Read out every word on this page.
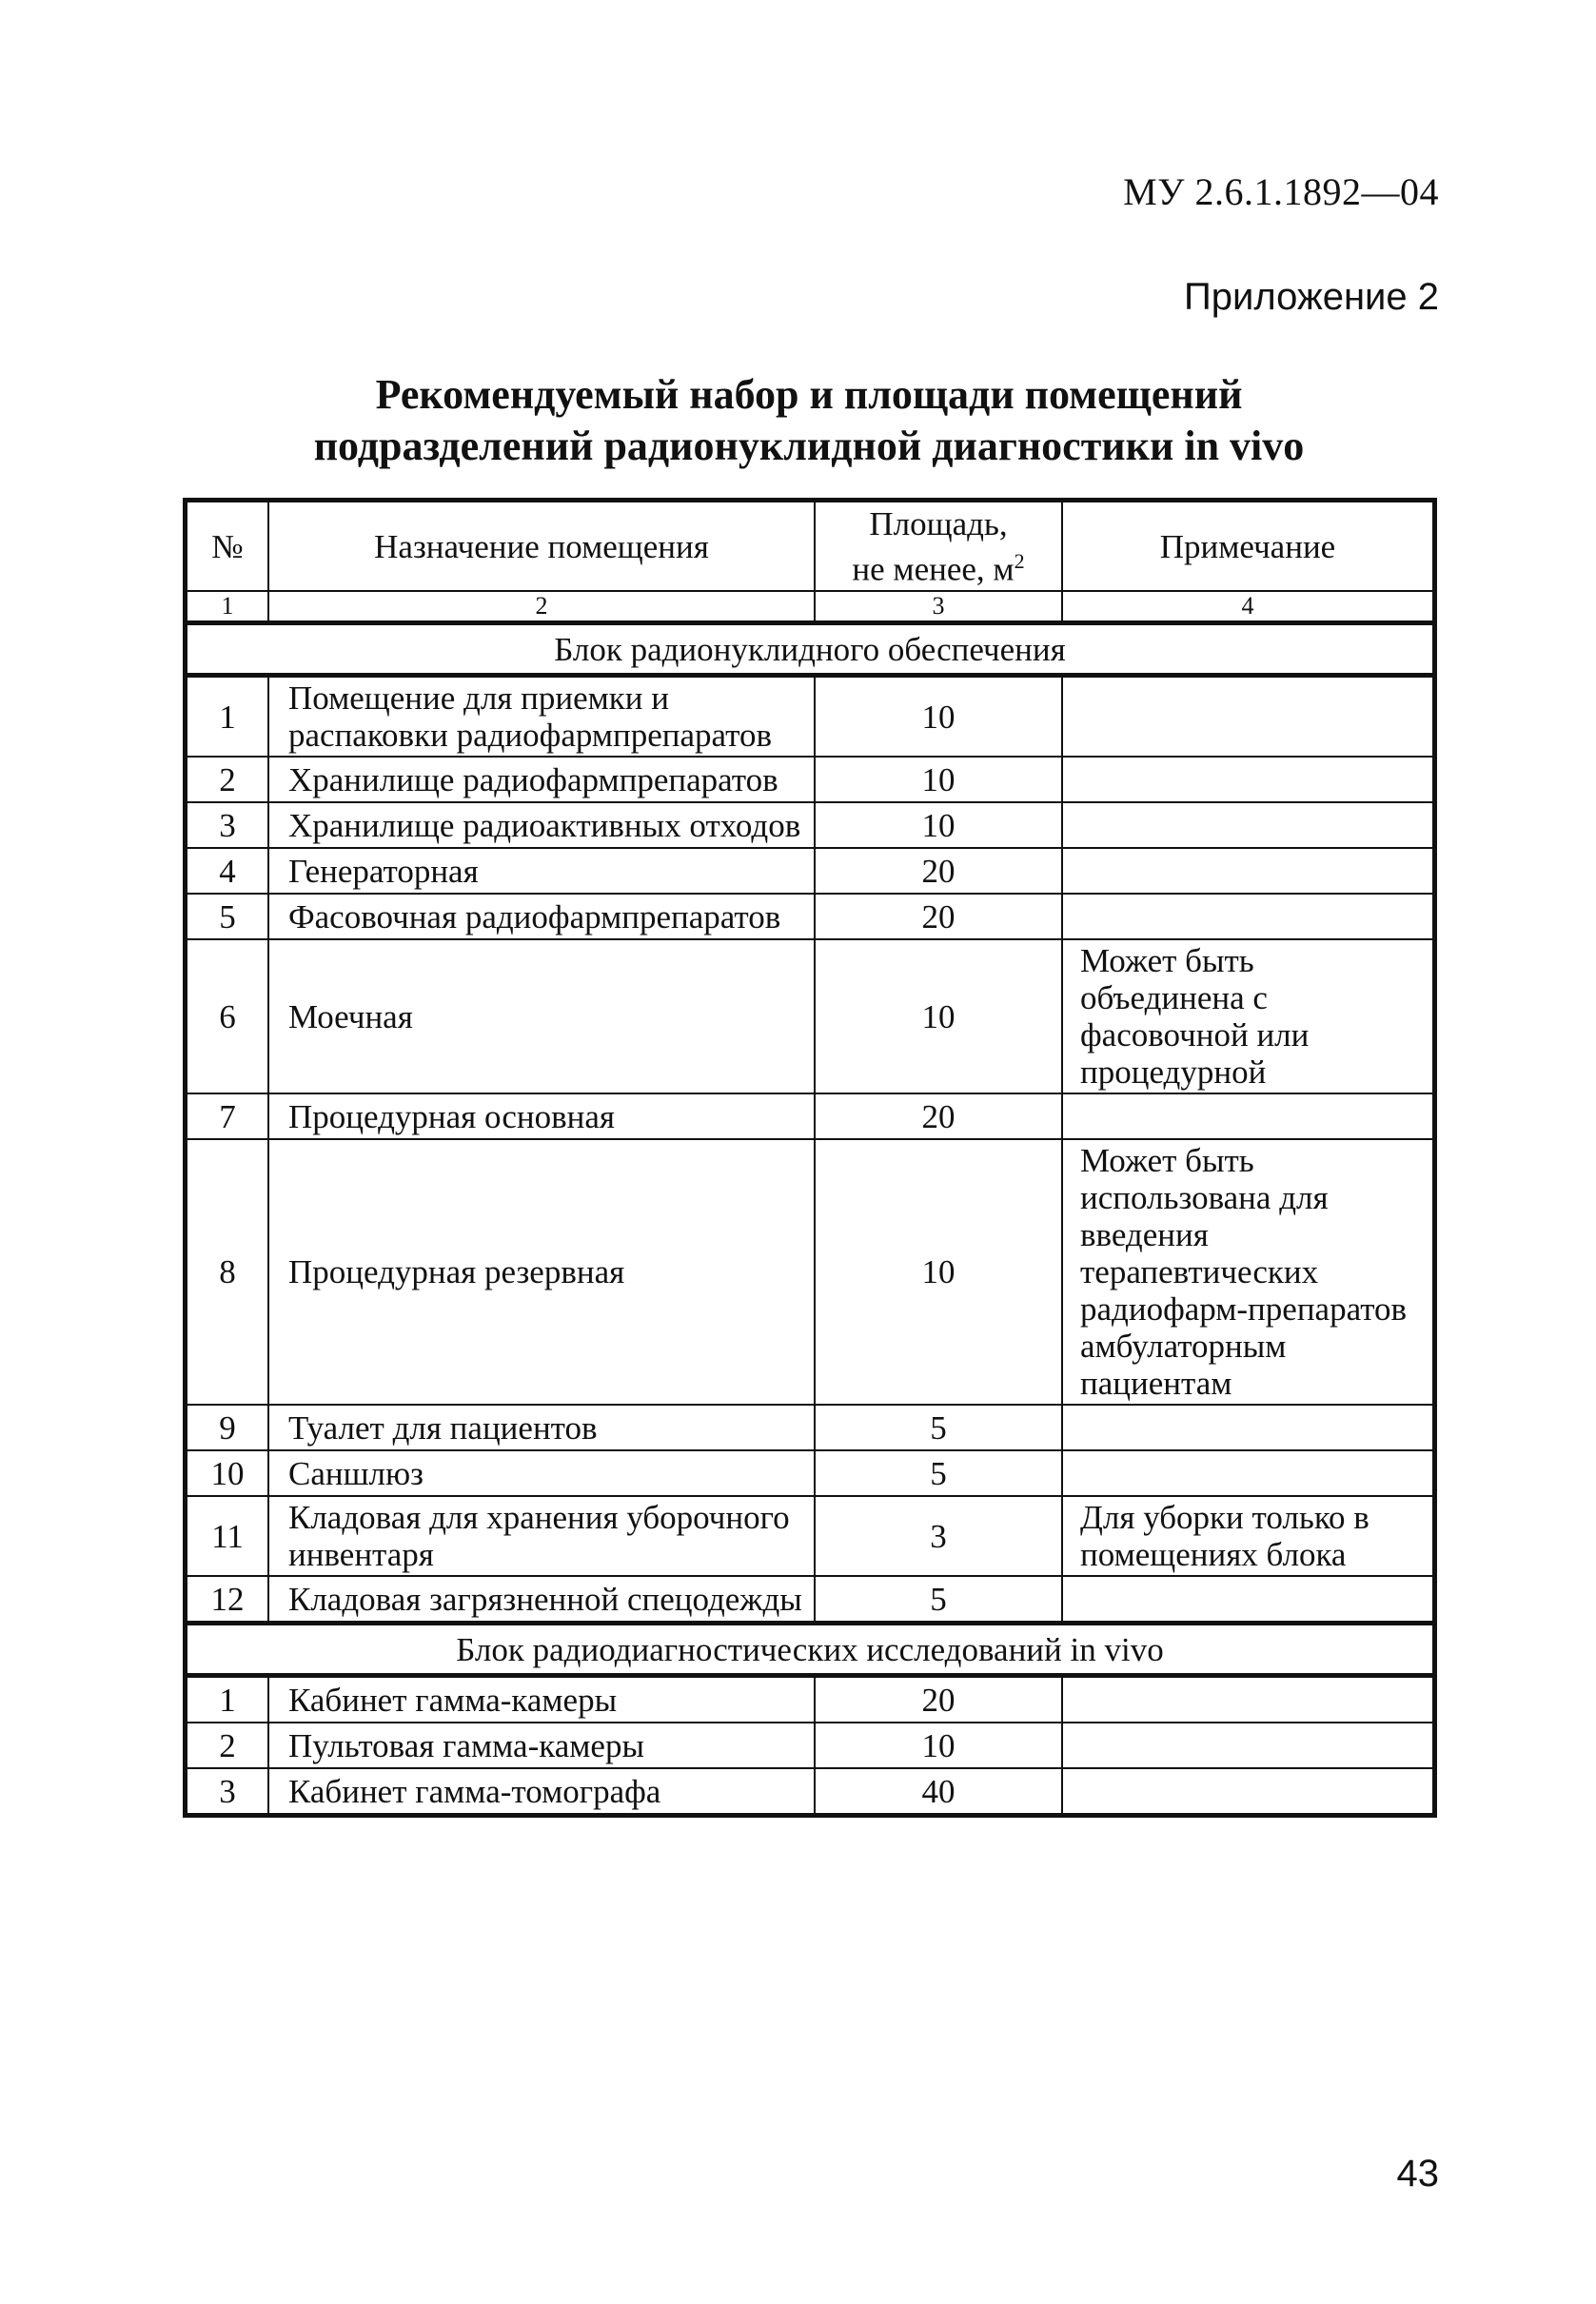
МУ 2.6.1.1892—04
Приложение 2
Рекомендуемый набор и площади помещений
подразделений радионуклидной диагностики in vivo
№	Назначение помещения	Площадь,
не менее, $м^2$	Примечание
1	2	3	4
Блок радионуклидного обеспечения			
1	Помещение для приемки и распаковки радиофармпрепаратов	10	
2	Хранилище радиофармпрепаратов	10	
3	Хранилище радиоактивных отходов	10	
4	Генераторная	20	
5	Фасовочная радиофармпрепаратов	20	
6	Моечная	10	Может быть объединена с фасовочной или процедурной
7	Процедурная основная	20	
8	Процедурная резервная	10	Может быть использована для введения терапевтических радиофарм-препаратов амбулаторным пациентам
9	Туалет для пациентов	5	
10	Саншлюз	5	
11	Кладовая для хранения уборочного инвентаря	3	Для уборки только в помещениях блока
12	Кладовая загрязненной спецодежды	5	
Блок радиодиагностических исследований in vivo			
1	Кабинет гамма-камеры	20	
2	Пультовая гамма-камеры	10	
3	Кабинет гамма-томографа	40	
43
